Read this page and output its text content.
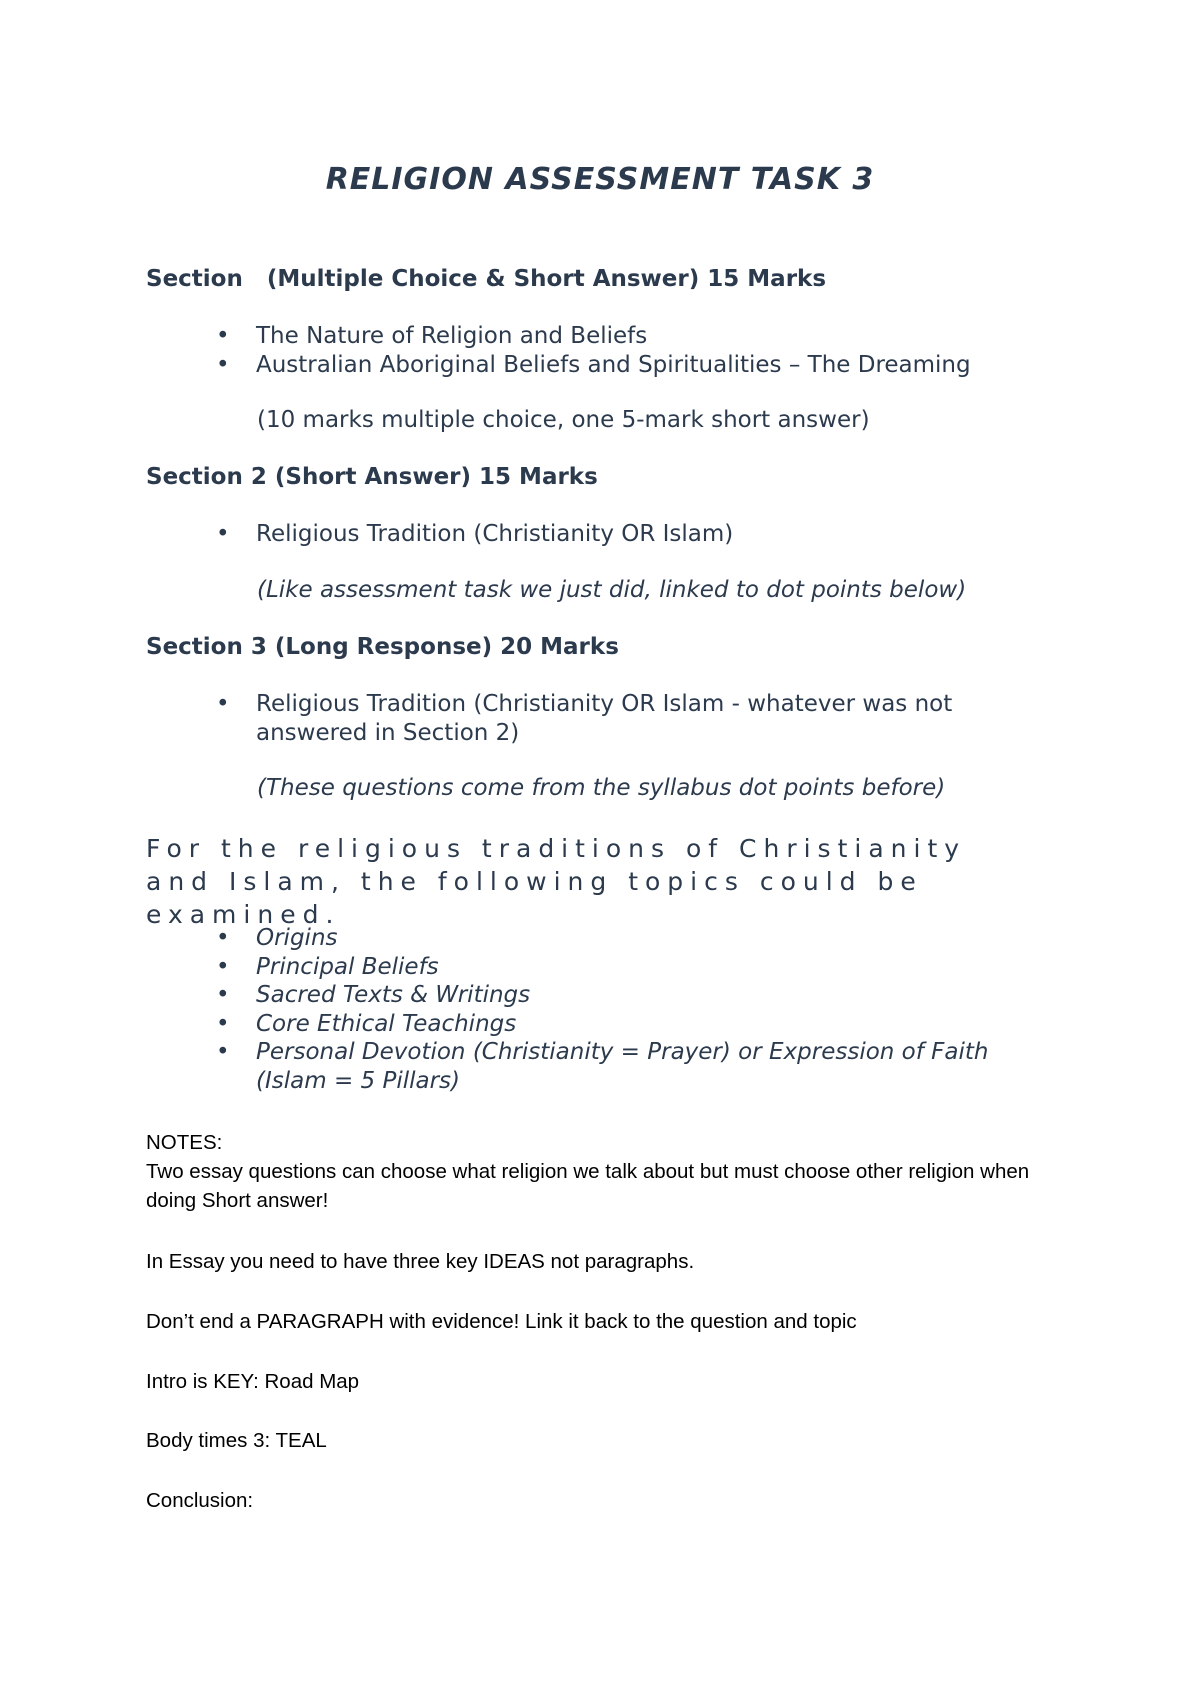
RELIGION ASSESSMENT TASK 3
Section   (Multiple Choice & Short Answer) 15 Marks
• The Nature of Religion and Beliefs
• Australian Aboriginal Beliefs and Spiritualities – The Dreaming
(10 marks multiple choice, one 5-mark short answer)
Section 2 (Short Answer) 15 Marks
• Religious Tradition (Christianity OR Islam)
(Like assessment task we just did, linked to dot points below)
Section 3 (Long Response) 20 Marks
• Religious Tradition (Christianity OR Islam - whatever was not answered in Section 2)
(These questions come from the syllabus dot points before)
For the religious traditions of Christianity and Islam, the following topics could be examined.
• Origins
• Principal Beliefs
• Sacred Texts & Writings
• Core Ethical Teachings
• Personal Devotion (Christianity = Prayer) or Expression of Faith (Islam = 5 Pillars)

NOTES:

Two essay questions can choose what religion we talk about but must choose other religion when doing Short answer!

In Essay you need to have three key IDEAS not paragraphs.
Don’t end a PARAGRAPH with evidence! Link it back to the question and topic
Intro is KEY: Road Map
Body times 3: TEAL
Conclusion:
